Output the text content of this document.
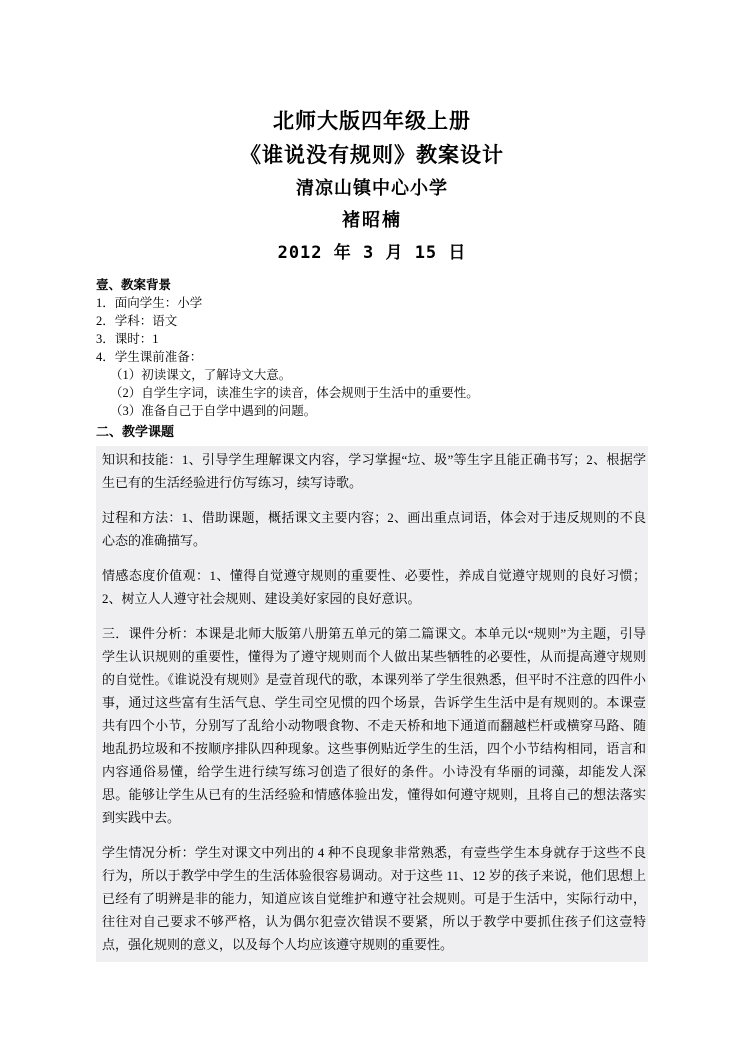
北师大版四年级上册
《谁说没有规则》教案设计
清凉山镇中心小学
褚昭楠
2012 年 3 月 15 日
壹、教案背景
1．面向学生：小学
2．学科：语文
3．课时：1
4．学生课前准备：
（1）初读课文，了解诗文大意。
（2）自学生字词，读准生字的读音，体会规则于生活中的重要性。
（3）准备自己于自学中遇到的问题。
二、教学课题

知识和技能：1、引导学生理解课文内容，学习掌握“垃、圾”等生字且能正确书写；2、根据学生已有的生活经验进行仿写练习，续写诗歌。

过程和方法：1、借助课题，概括课文主要内容；2、画出重点词语，体会对于违反规则的不良心态的准确描写。

情感态度价值观：1、懂得自觉遵守规则的重要性、必要性，养成自觉遵守规则的良好习惯；2、树立人人遵守社会规则、建设美好家园的良好意识。

三．课件分析：本课是北师大版第八册第五单元的第二篇课文。本单元以“规则”为主题，引导学生认识规则的重要性，懂得为了遵守规则而个人做出某些牺牲的必要性，从而提高遵守规则的自觉性。《谁说没有规则》是壹首现代的歌，本课列举了学生很熟悉，但平时不注意的四件小事，通过这些富有生活气息、学生司空见惯的四个场景，告诉学生生活中是有规则的。本课壹共有四个小节，分别写了乱给小动物喂食物、不走天桥和地下通道而翻越栏杆或横穿马路、随地乱扔垃圾和不按顺序排队四种现象。这些事例贴近学生的生活，四个小节结构相同，语言和内容通俗易懂，给学生进行续写练习创造了很好的条件。小诗没有华丽的词藻，却能发人深思。能够让学生从已有的生活经验和情感体验出发，懂得如何遵守规则，且将自己的想法落实到实践中去。

学生情况分析：学生对课文中列出的 4 种不良现象非常熟悉，有壹些学生本身就存于这些不良行为，所以于教学中学生的生活体验很容易调动。对于这些 11、12 岁的孩子来说，他们思想上已经有了明辨是非的能力，知道应该自觉维护和遵守社会规则。可是于生活中，实际行动中，往往对自己要求不够严格，认为偶尔犯壹次错误不要紧，所以于教学中要抓住孩子们这壹特点，强化规则的意义，以及每个人均应该遵守规则的重要性。
